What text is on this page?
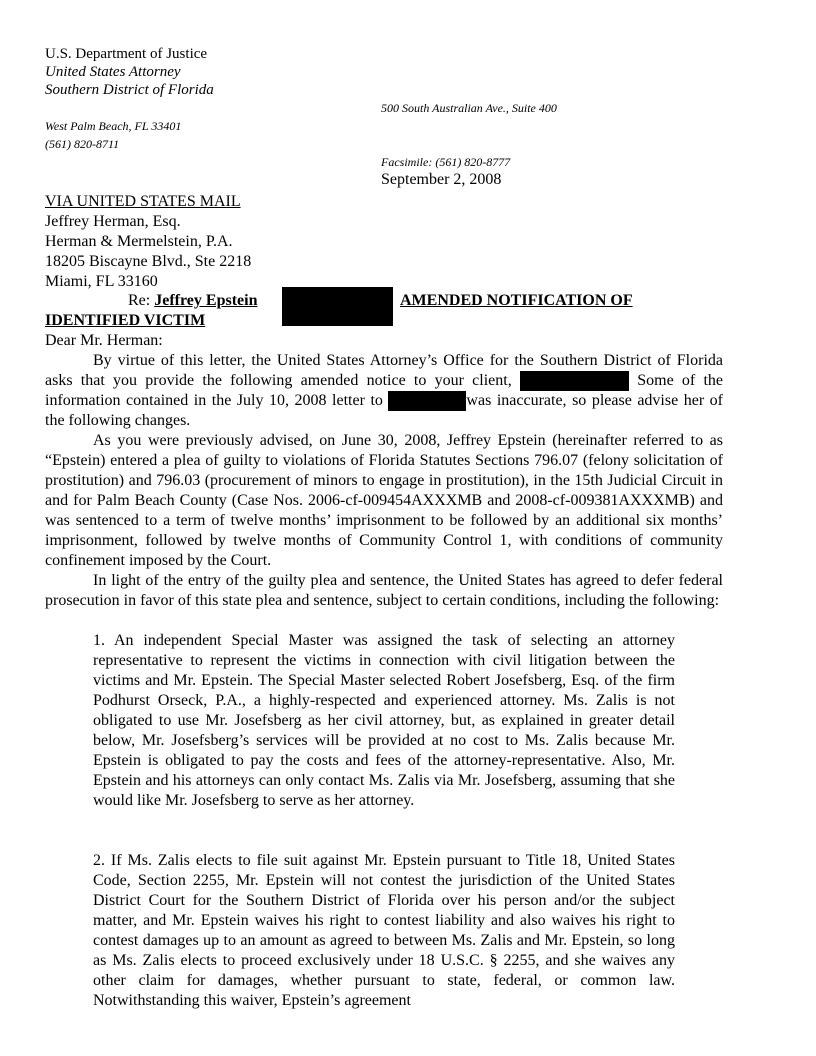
U.S. Department of Justice
United States Attorney
Southern District of Florida
500 South Australian Ave., Suite 400
West Palm Beach, FL 33401
(561) 820-8711
Facsimile: (561) 820-8777
September 2, 2008
VIA UNITED STATES MAIL
Jeffrey Herman, Esq.
Herman & Mermelstein, P.A.
18205 Biscayne Blvd., Ste 2218
Miami, FL 33160
Re: Jeffrey Epstein	AMENDED NOTIFICATION OF
IDENTIFIED VICTIM
Dear Mr. Herman:

By virtue of this letter, the United States Attorney’s Office for the Southern District of Florida asks that you provide the following amended notice to your client,	Some of the information contained in the July 10, 2008 letter to	was inaccurate, so please advise her of the following changes.

As you were previously advised, on June 30, 2008, Jeffrey Epstein (hereinafter referred to as “Epstein) entered a plea of guilty to violations of Florida Statutes Sections 796.07 (felony solicitation of prostitution) and 796.03 (procurement of minors to engage in prostitution), in the 15th Judicial Circuit in and for Palm Beach County (Case Nos. 2006-cf-009454AXXXMB and 2008-cf-009381AXXXMB) and was sentenced to a term of twelve months’ imprisonment to be followed by an additional six months’ imprisonment, followed by twelve months of Community Control 1, with conditions of community confinement imposed by the Court.

In light of the entry of the guilty plea and sentence, the United States has agreed to defer federal prosecution in favor of this state plea and sentence, subject to certain conditions, including the following:

1. An independent Special Master was assigned the task of selecting an attorney representative to represent the victims in connection with civil litigation between the victims and Mr. Epstein. The Special Master selected Robert Josefsberg, Esq. of the firm Podhurst Orseck, P.A., a highly-respected and experienced attorney. Ms. Zalis is not obligated to use Mr. Josefsberg as her civil attorney, but, as explained in greater detail below, Mr. Josefsberg’s services will be provided at no cost to Ms. Zalis because Mr. Epstein is obligated to pay the costs and fees of the attorney-representative. Also, Mr. Epstein and his attorneys can only contact Ms. Zalis via Mr. Josefsberg, assuming that she would like Mr. Josefsberg to serve as her attorney.

2. If Ms. Zalis elects to file suit against Mr. Epstein pursuant to Title 18, United States Code, Section 2255, Mr. Epstein will not contest the jurisdiction of the United States District Court for the Southern District of Florida over his person and/or the subject matter, and Mr. Epstein waives his right to contest liability and also waives his right to contest damages up to an amount as agreed to between Ms. Zalis and Mr. Epstein, so long as Ms. Zalis elects to proceed exclusively under 18 U.S.C. § 2255, and she waives any other claim for damages, whether pursuant to state, federal, or common law. Notwithstanding this waiver, Epstein’s agreement
